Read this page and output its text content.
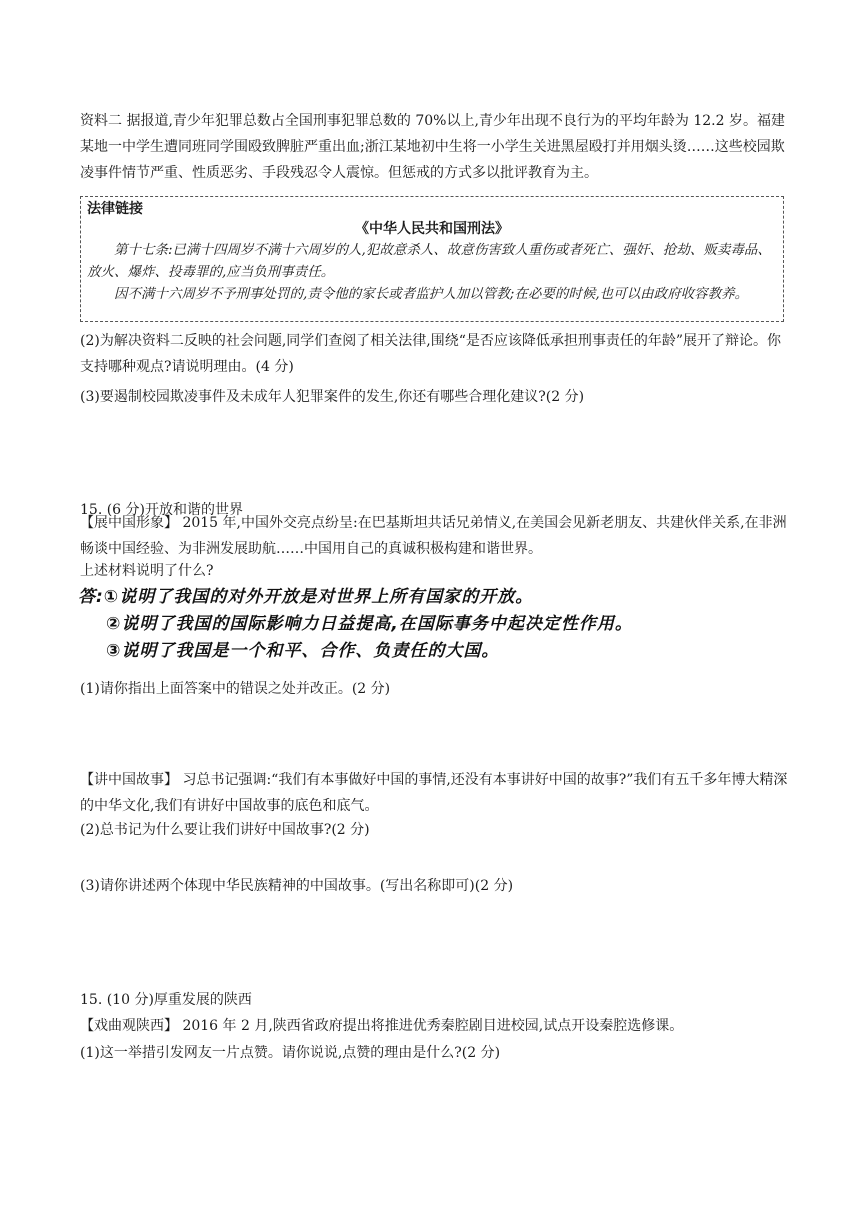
资料二 据报道,青少年犯罪总数占全国刑事犯罪总数的 70%以上,青少年出现不良行为的平均年龄为 12.2 岁。福建某地一中学生遭同班同学围殴致脾脏严重出血;浙江某地初中生将一小学生关进黑屋殴打并用烟头烫……这些校园欺凌事件情节严重、性质恶劣、手段残忍令人震惊。但惩戒的方式多以批评教育为主。

法律链接
《中华人民共和国刑法》

第十七条:已满十四周岁不满十六周岁的人,犯故意杀人、故意伤害致人重伤或者死亡、强奸、抢劫、贩卖毒品、放火、爆炸、投毒罪的,应当负刑事责任。

因不满十六周岁不予刑事处罚的,责令他的家长或者监护人加以管教;在必要的时候,也可以由政府收容教养。

(2)为解决资料二反映的社会问题,同学们查阅了相关法律,围绕“是否应该降低承担刑事责任的年龄”展开了辩论。你支持哪种观点?请说明理由。(4 分)

(3)要遏制校园欺凌事件及未成年人犯罪案件的发生,你还有哪些合理化建议?(2 分)

15. (6 分)开放和谐的世界

【展中国形象】 2015 年,中国外交亮点纷呈:在巴基斯坦共话兄弟情义,在美国会见新老朋友、共建伙伴关系,在非洲畅谈中国经验、为非洲发展助航……中国用自己的真诚积极构建和谐世界。

上述材料说明了什么?

答:①说明了我国的对外开放是对世界上所有国家的开放。
②说明了我国的国际影响力日益提高,在国际事务中起决定性作用。
③说明了我国是一个和平、合作、负责任的大国。

(1)请你指出上面答案中的错误之处并改正。(2 分)

【讲中国故事】 习总书记强调:“我们有本事做好中国的事情,还没有本事讲好中国的故事?”我们有五千多年博大精深的中华文化,我们有讲好中国故事的底色和底气。

(2)总书记为什么要让我们讲好中国故事?(2 分)

(3)请你讲述两个体现中华民族精神的中国故事。(写出名称即可)(2 分)

15. (10 分)厚重发展的陕西

【戏曲观陕西】 2016 年 2 月,陕西省政府提出将推进优秀秦腔剧目进校园,试点开设秦腔选修课。

(1)这一举措引发网友一片点赞。请你说说,点赞的理由是什么?(2 分)
